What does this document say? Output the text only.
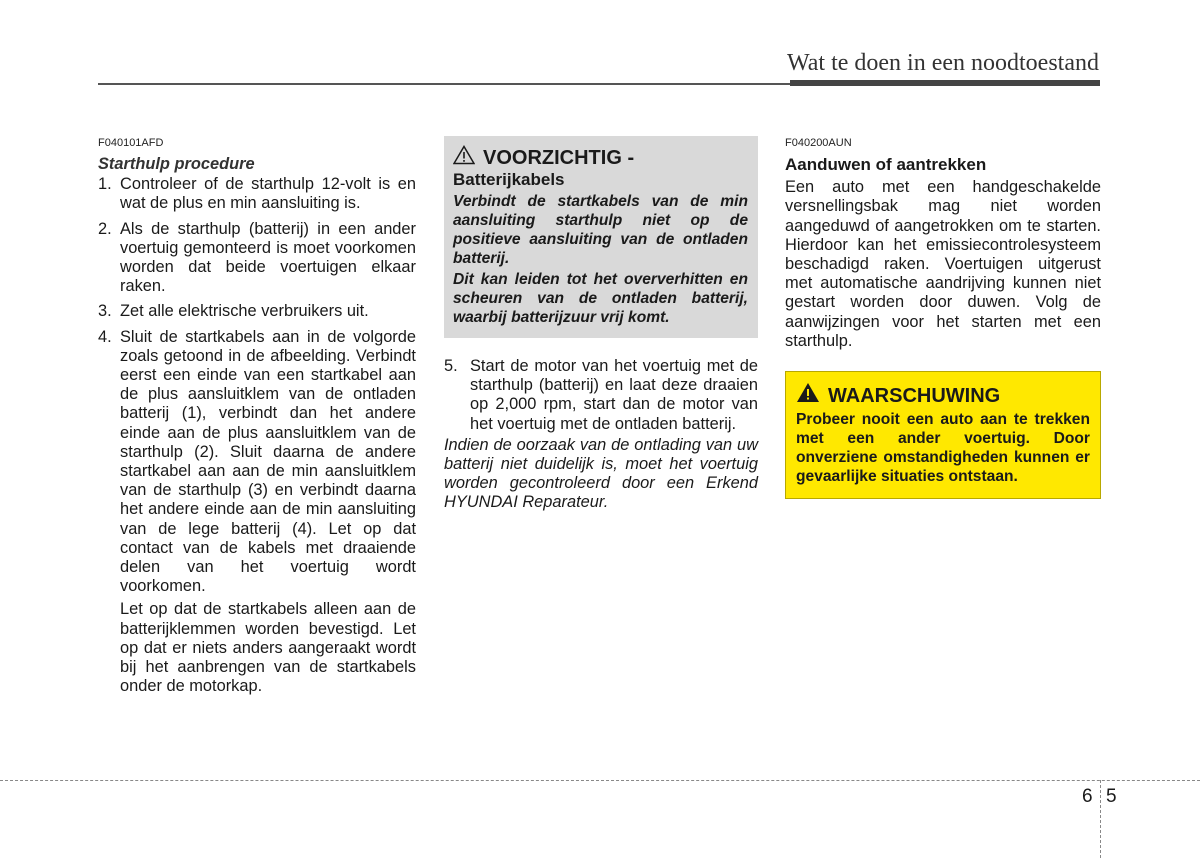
Wat te doen in een noodtoestand
F040101AFD
Starthulp procedure
1. Controleer of de starthulp 12-volt is en wat de plus en min aansluiting is.
2. Als de starthulp (batterij) in een ander voertuig gemonteerd is moet voorkomen worden dat beide voertuigen elkaar raken.
3. Zet alle elektrische verbruikers uit.
4. Sluit de startkabels aan in de volgorde zoals getoond in de afbeelding. Verbindt eerst een einde van een startkabel aan de plus aansluitklem van de ontladen batterij (1), verbindt dan het andere einde aan de plus aansluitklem van de starthulp (2). Sluit daarna de andere startkabel aan aan de min aansluitklem van de starthulp (3) en verbindt daarna het andere einde aan de min aansluiting van de lege batterij (4). Let op dat contact van de kabels met draaiende delen van het voertuig wordt voorkomen.
Let op dat de startkabels alleen aan de batterijklemmen worden bevestigd. Let op dat er niets anders aangeraakt wordt bij het aanbrengen van de startkabels onder de motorkap.
VOORZICHTIG -
Batterijkabels
Verbindt de startkabels van de min aansluiting starthulp niet op de positieve aansluiting van de ontladen batterij.
Dit kan leiden tot het oververhitten en scheuren van de ontladen batterij, waarbij batterijzuur vrij komt.
5. Start de motor van het voertuig met de starthulp (batterij) en laat deze draaien op 2,000 rpm, start dan de motor van het voertuig met de ontladen batterij.
Indien de oorzaak van de ontlading van uw batterij niet duidelijk is, moet het voertuig worden gecontroleerd door een Erkend HYUNDAI Reparateur.
F040200AUN
Aanduwen of aantrekken
Een auto met een handgeschakelde versnellingsbak mag niet worden aangeduwd of aangetrokken om te starten. Hierdoor kan het emissiecontrolesysteem beschadigd raken. Voertuigen uitgerust met automatische aandrijving kunnen niet gestart worden door duwen. Volg de aanwijzingen voor het starten met een starthulp.
WAARSCHUWING
Probeer nooit een auto aan te trekken met een ander voertuig. Door onverziene omstandigheden kunnen er gevaarlijke situaties ontstaan.
6 5
